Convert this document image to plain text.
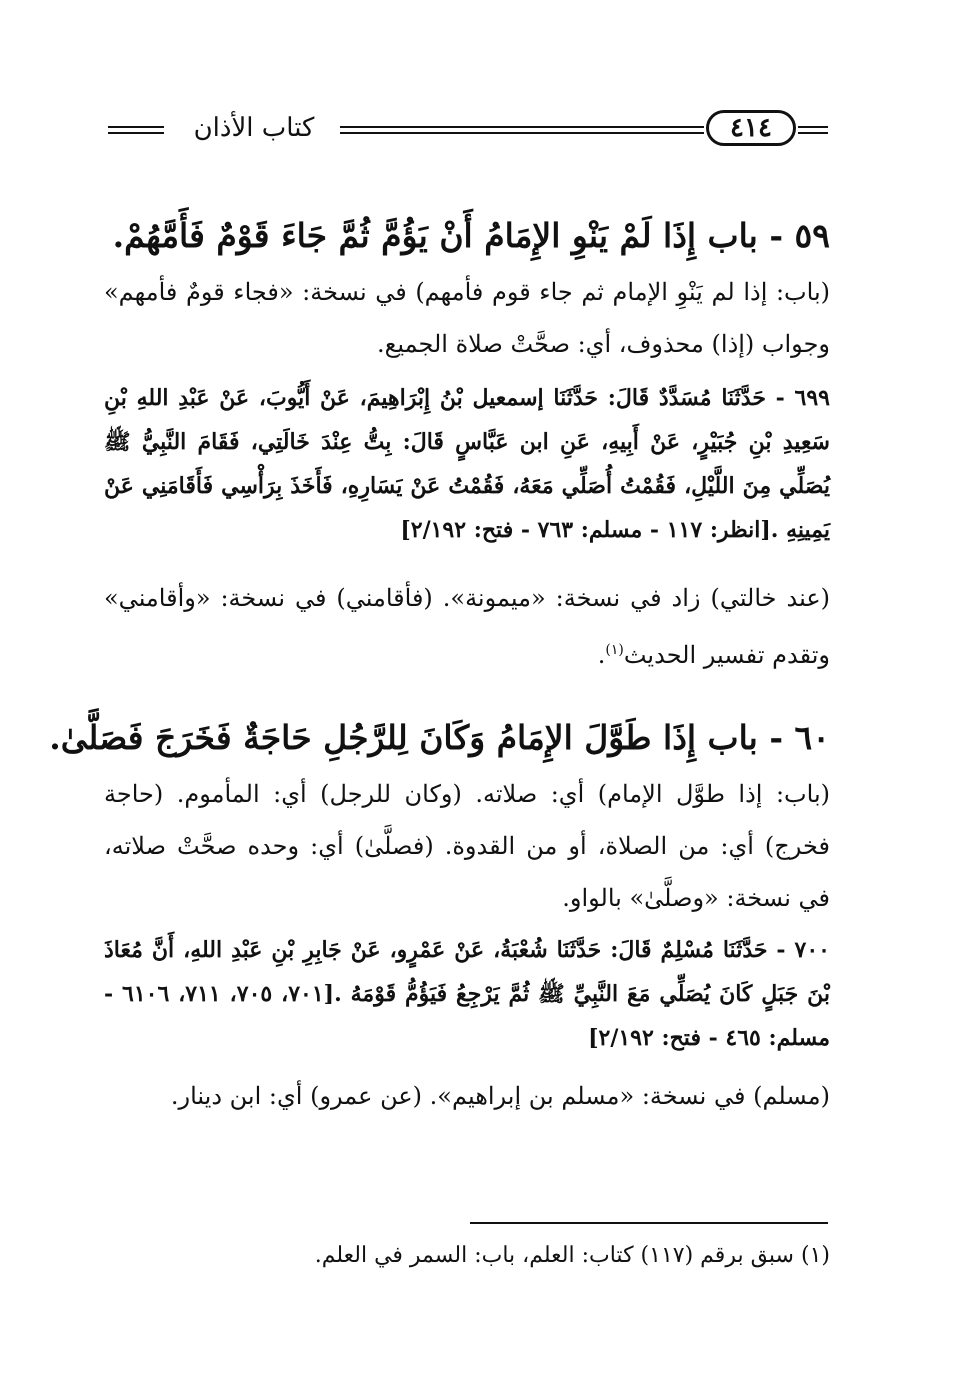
كتاب الأذان	٤١٤
٥٩ - باب إِذَا لَمْ يَنْوِ الإِمَامُ أَنْ يَؤُمَّ ثُمَّ جَاءَ قَوْمٌ فَأَمَّهُمْ.
(باب: إذا لم يَنْوِ الإمام ثم جاء قوم فأمهم) في نسخة: «فجاء قومٌ فأمهم» وجواب (إذا) محذوف، أي: صحَّتْ صلاة الجميع.
٦٩٩ - حَدَّثَنَا مُسَدَّدٌ قَالَ: حَدَّثَنَا إسمعيل بْنُ إِبْرَاهِيمَ، عَنْ أَيُّوبَ، عَنْ عَبْدِ اللهِ بْنِ سَعِيدِ بْنِ جُبَيْرٍ، عَنْ أَبِيهِ، عَنِ ابن عَبَّاسٍ قَالَ: بِتُّ عِنْدَ خَالَتِي، فَقَامَ النَّبِيُّ ﷺ يُصَلِّي مِنَ اللَّيْلِ، فَقُمْتُ أُصَلِّي مَعَهُ، فَقُمْتُ عَنْ يَسَارِهِ، فَأَخَذَ بِرَأْسِي فَأَقَامَنِي عَنْ يَمِينِهِ .[انظر: ١١٧ - مسلم: ٧٦٣ - فتح: ٢/١٩٢]
(عند خالتي) زاد في نسخة: «ميمونة». (فأقامني) في نسخة: «وأقامني» وتقدم تفسير الحديث$^{(١)}$.
٦٠ - باب إِذَا طَوَّلَ الإِمَامُ وَكَانَ لِلرَّجُلِ حَاجَةٌ فَخَرَجَ فَصَلَّىٰ.
(باب: إذا طوَّل الإمام) أي: صلاته. (وكان للرجل) أي: المأموم. (حاجة فخرج) أي: من الصلاة، أو من القدوة. (فصلَّىٰ) أي: وحده صحَّتْ صلاته، في نسخة: «وصلَّىٰ» بالواو.
٧٠٠ - حَدَّثَنَا مُسْلِمٌ قَالَ: حَدَّثَنَا شُعْبَةُ، عَنْ عَمْرٍو، عَنْ جَابِرِ بْنِ عَبْدِ اللهِ، أَنَّ مُعَاذَ بْنَ جَبَلٍ كَانَ يُصَلِّي مَعَ النَّبِيِّ ﷺ ثُمَّ يَرْجِعُ فَيَؤُمُّ قَوْمَهُ .[٧٠١، ٧٠٥، ٧١١، ٦١٠٦ - مسلم: ٤٦٥ - فتح: ٢/١٩٢]
(مسلم) في نسخة: «مسلم بن إبراهيم». (عن عمرو) أي: ابن دينار.
(١) سبق برقم (١١٧) كتاب: العلم، باب: السمر في العلم.
